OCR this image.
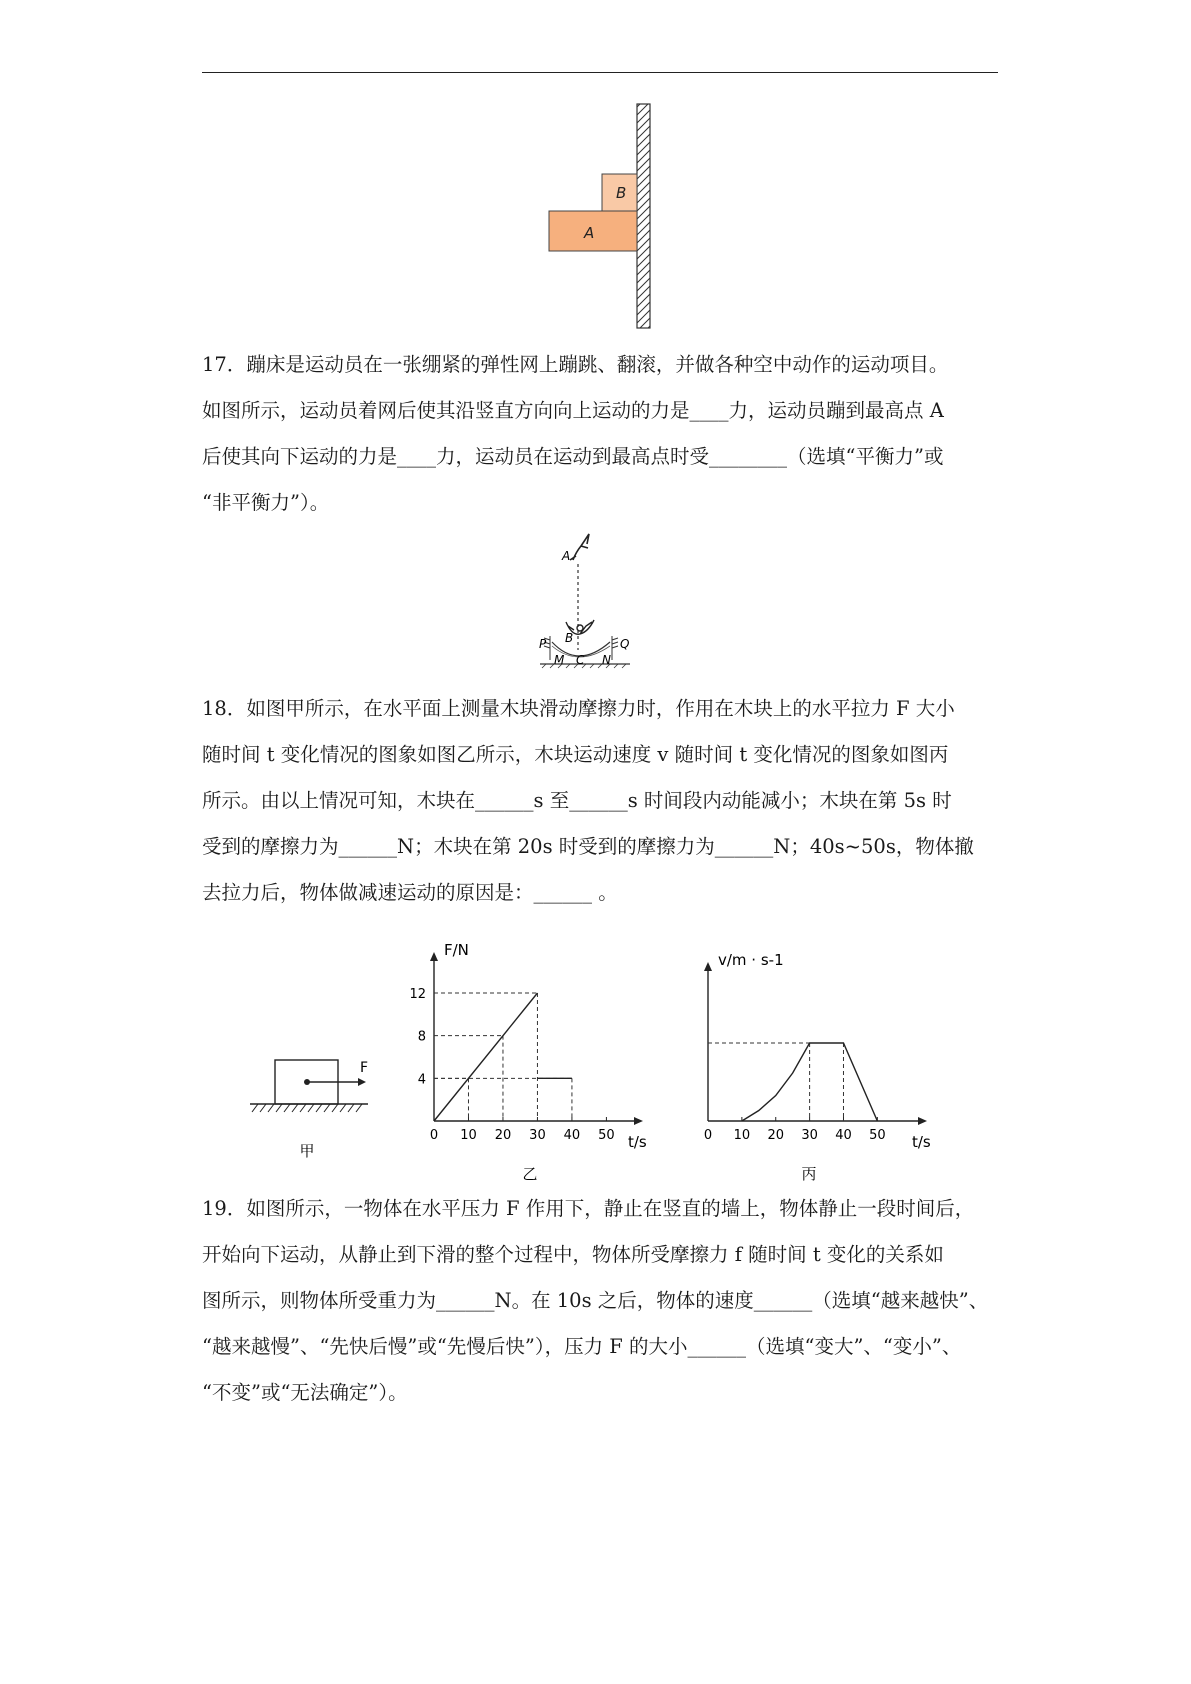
B
A

17．蹦床是运动员在一张绷紧的弹性网上蹦跳、翻滚，并做各种空中动作的运动项目。

如图所示，运动员着网后使其沿竖直方向向上运动的力是____力，运动员蹦到最高点 A

后使其向下运动的力是____力，运动员在运动到最高点时受________（选填“平衡力”或

“非平衡力”）。

A
B
P	Q
M C N

18．如图甲所示，在水平面上测量木块滑动摩擦力时，作用在木块上的水平拉力 F 大小

随时间 t 变化情况的图象如图乙所示，木块运动速度 v 随时间 t 变化情况的图象如图丙

所示。由以上情况可知，木块在______s 至______s 时间段内动能减小；木块在第 5s 时

受到的摩擦力为______N；木块在第 20s 时受到的摩擦力为______N；40s~50s，物体撤

去拉力后，物体做减速运动的原因是：______ 。

F
甲
0 10 20 30 40 50
4
8
12
F/N
t/s
乙
0 10 20 30 40 50
v/m · s-1
t/s
丙

19．如图所示，一物体在水平压力 F 作用下，静止在竖直的墙上，物体静止一段时间后，

开始向下运动，从静止到下滑的整个过程中，物体所受摩擦力 f 随时间 t 变化的关系如

图所示，则物体所受重力为______N。在 10s 之后，物体的速度______（选填“越来越快”、

“越来越慢”、“先快后慢”或“先慢后快”），压力 F 的大小______（选填“变大”、“变小”、

“不变”或“无法确定”）。
